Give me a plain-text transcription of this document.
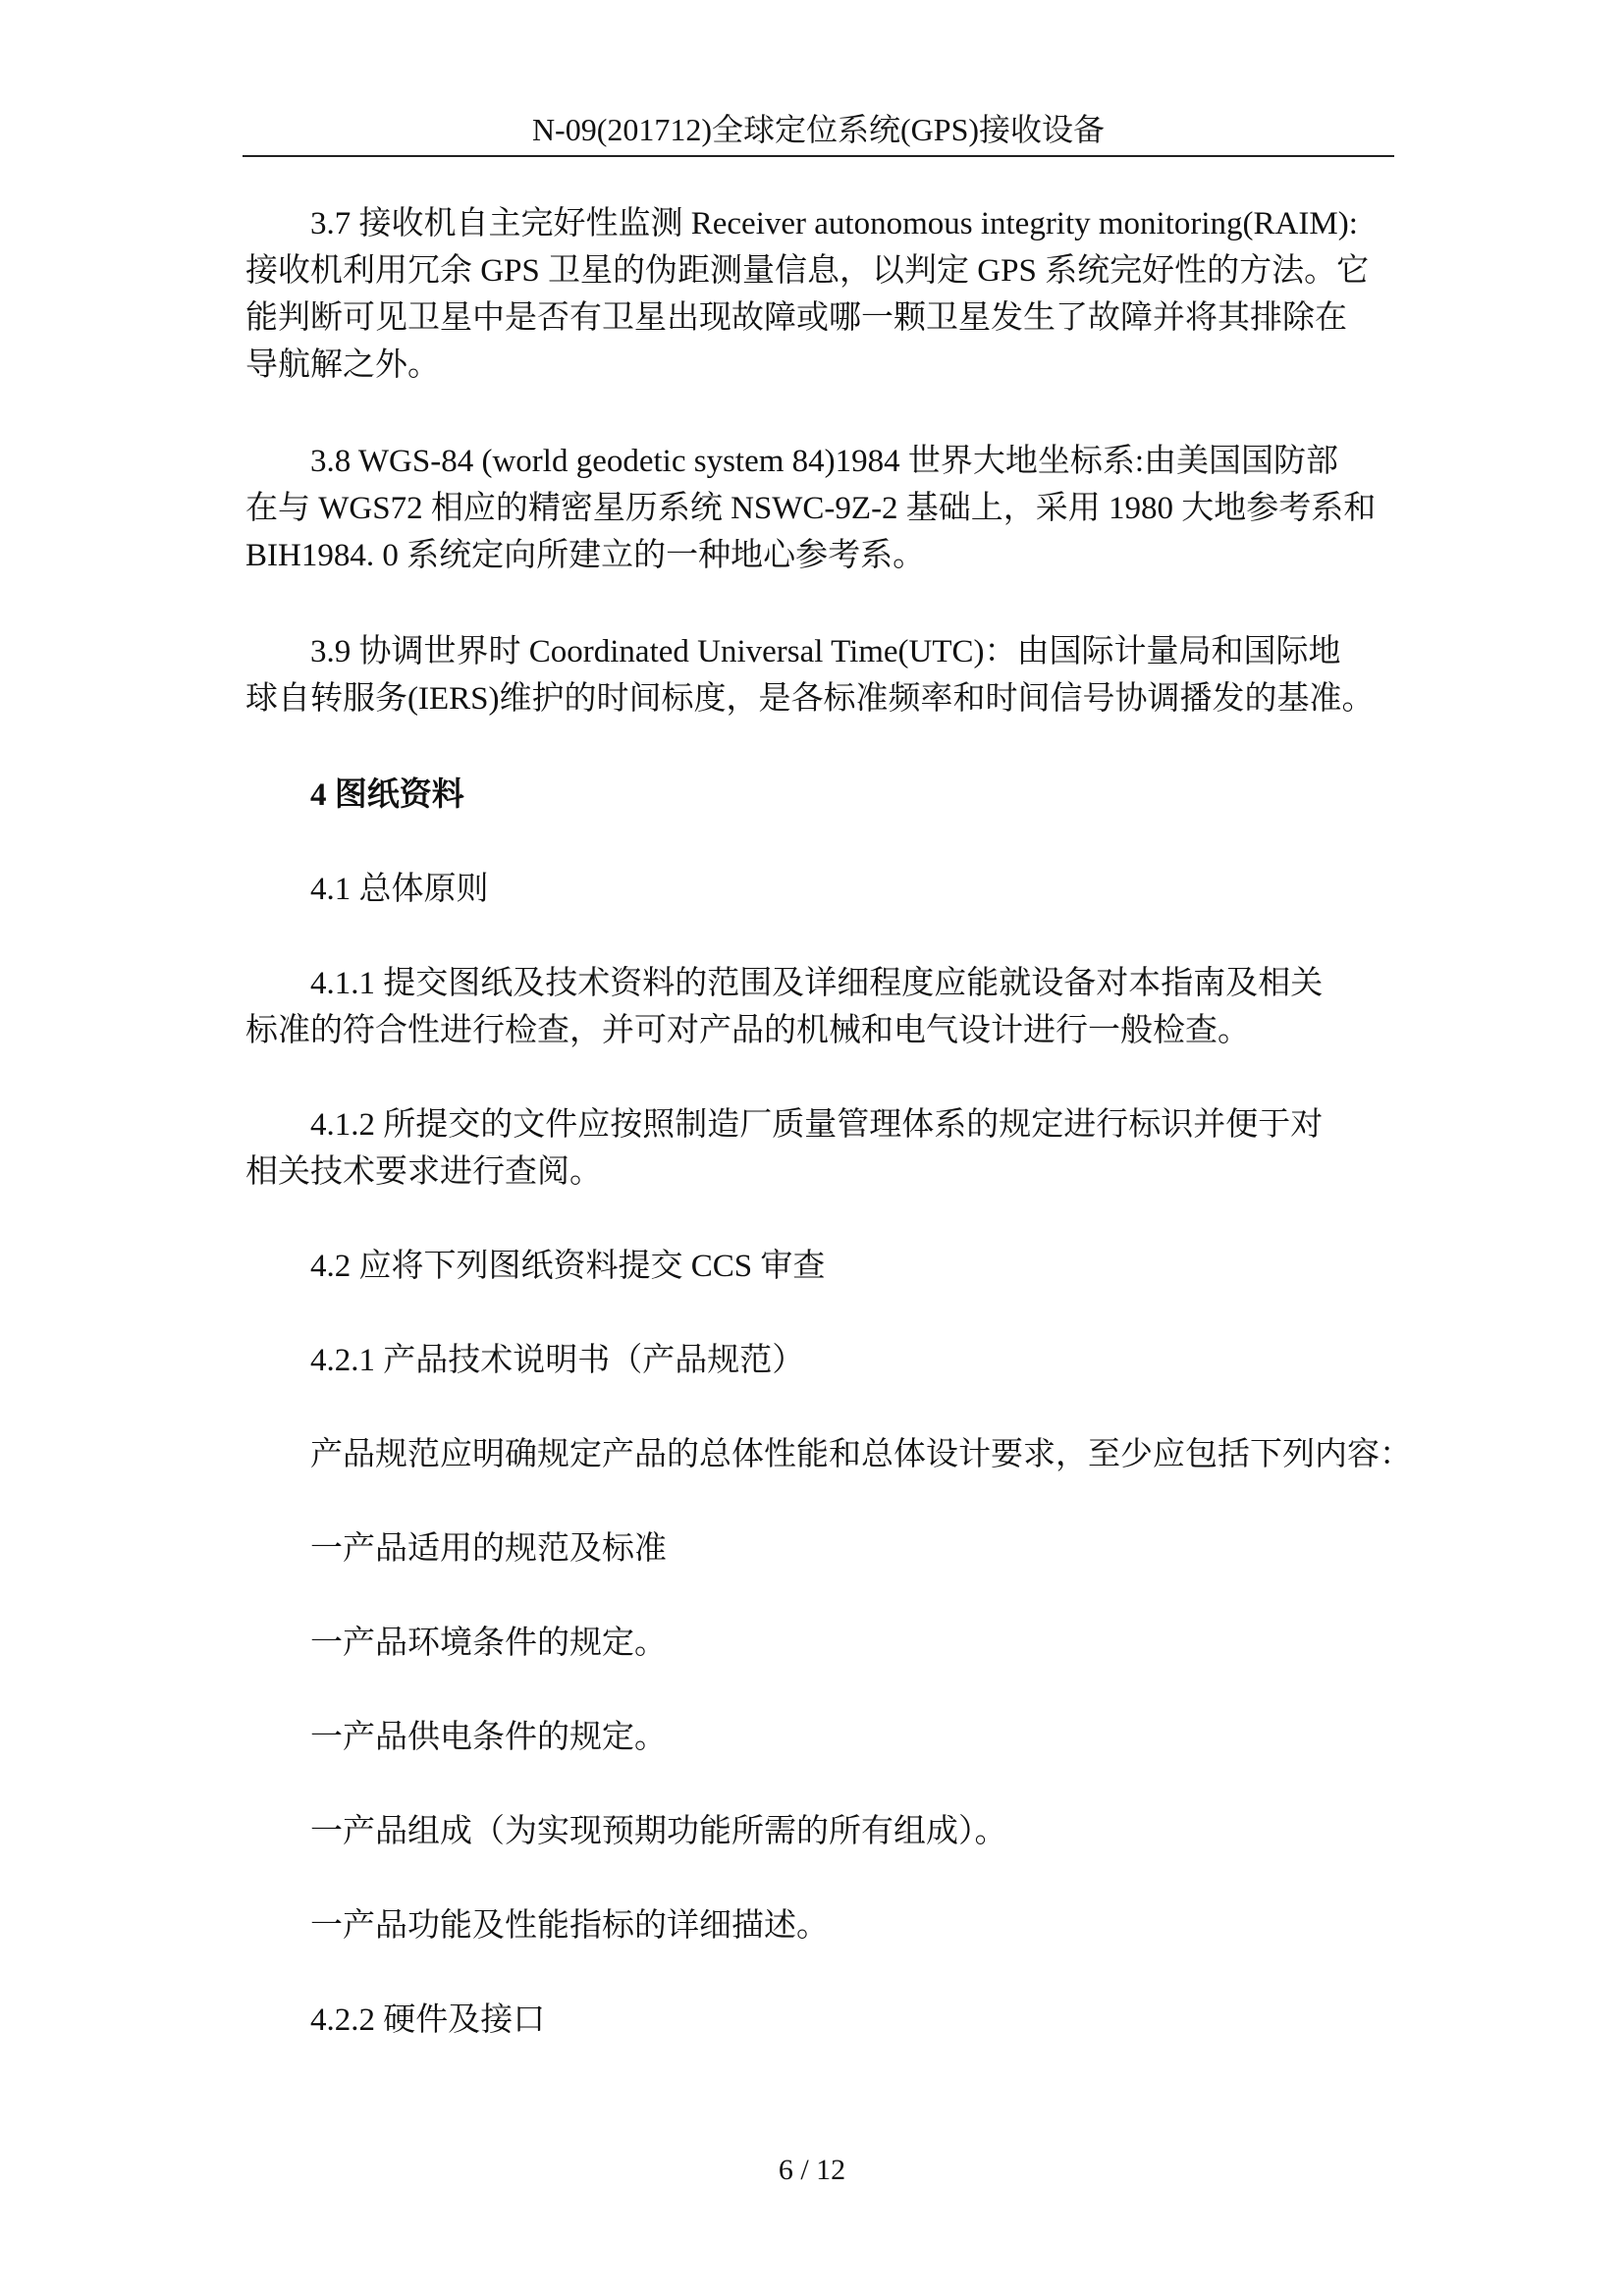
N-09(201712)全球定位系统(GPS)接收设备
3.7 接收机自主完好性监测 Receiver autonomous integrity monitoring(RAIM):
接收机利用冗余 GPS 卫星的伪距测量信息，以判定 GPS 系统完好性的方法。它
能判断可见卫星中是否有卫星出现故障或哪一颗卫星发生了故障并将其排除在
导航解之外。
3.8 WGS-84 (world geodetic system 84)1984 世界大地坐标系:由美国国防部
在与 WGS72 相应的精密星历系统 NSWC-9Z-2 基础上，采用 1980 大地参考系和
BIH1984. 0 系统定向所建立的一种地心参考系。
3.9 协调世界时 Coordinated Universal Time(UTC)：由国际计量局和国际地
球自转服务(IERS)维护的时间标度，是各标准频率和时间信号协调播发的基准。
4 图纸资料
4.1 总体原则
4.1.1 提交图纸及技术资料的范围及详细程度应能就设备对本指南及相关
标准的符合性进行检查，并可对产品的机械和电气设计进行一般检查。
4.1.2 所提交的文件应按照制造厂质量管理体系的规定进行标识并便于对
相关技术要求进行查阅。
4.2 应将下列图纸资料提交 CCS 审查
4.2.1 产品技术说明书（产品规范）
产品规范应明确规定产品的总体性能和总体设计要求，至少应包括下列内容：
一产品适用的规范及标准
一产品环境条件的规定。
一产品供电条件的规定。
一产品组成（为实现预期功能所需的所有组成）。
一产品功能及性能指标的详细描述。
4.2.2 硬件及接口
6 / 12
